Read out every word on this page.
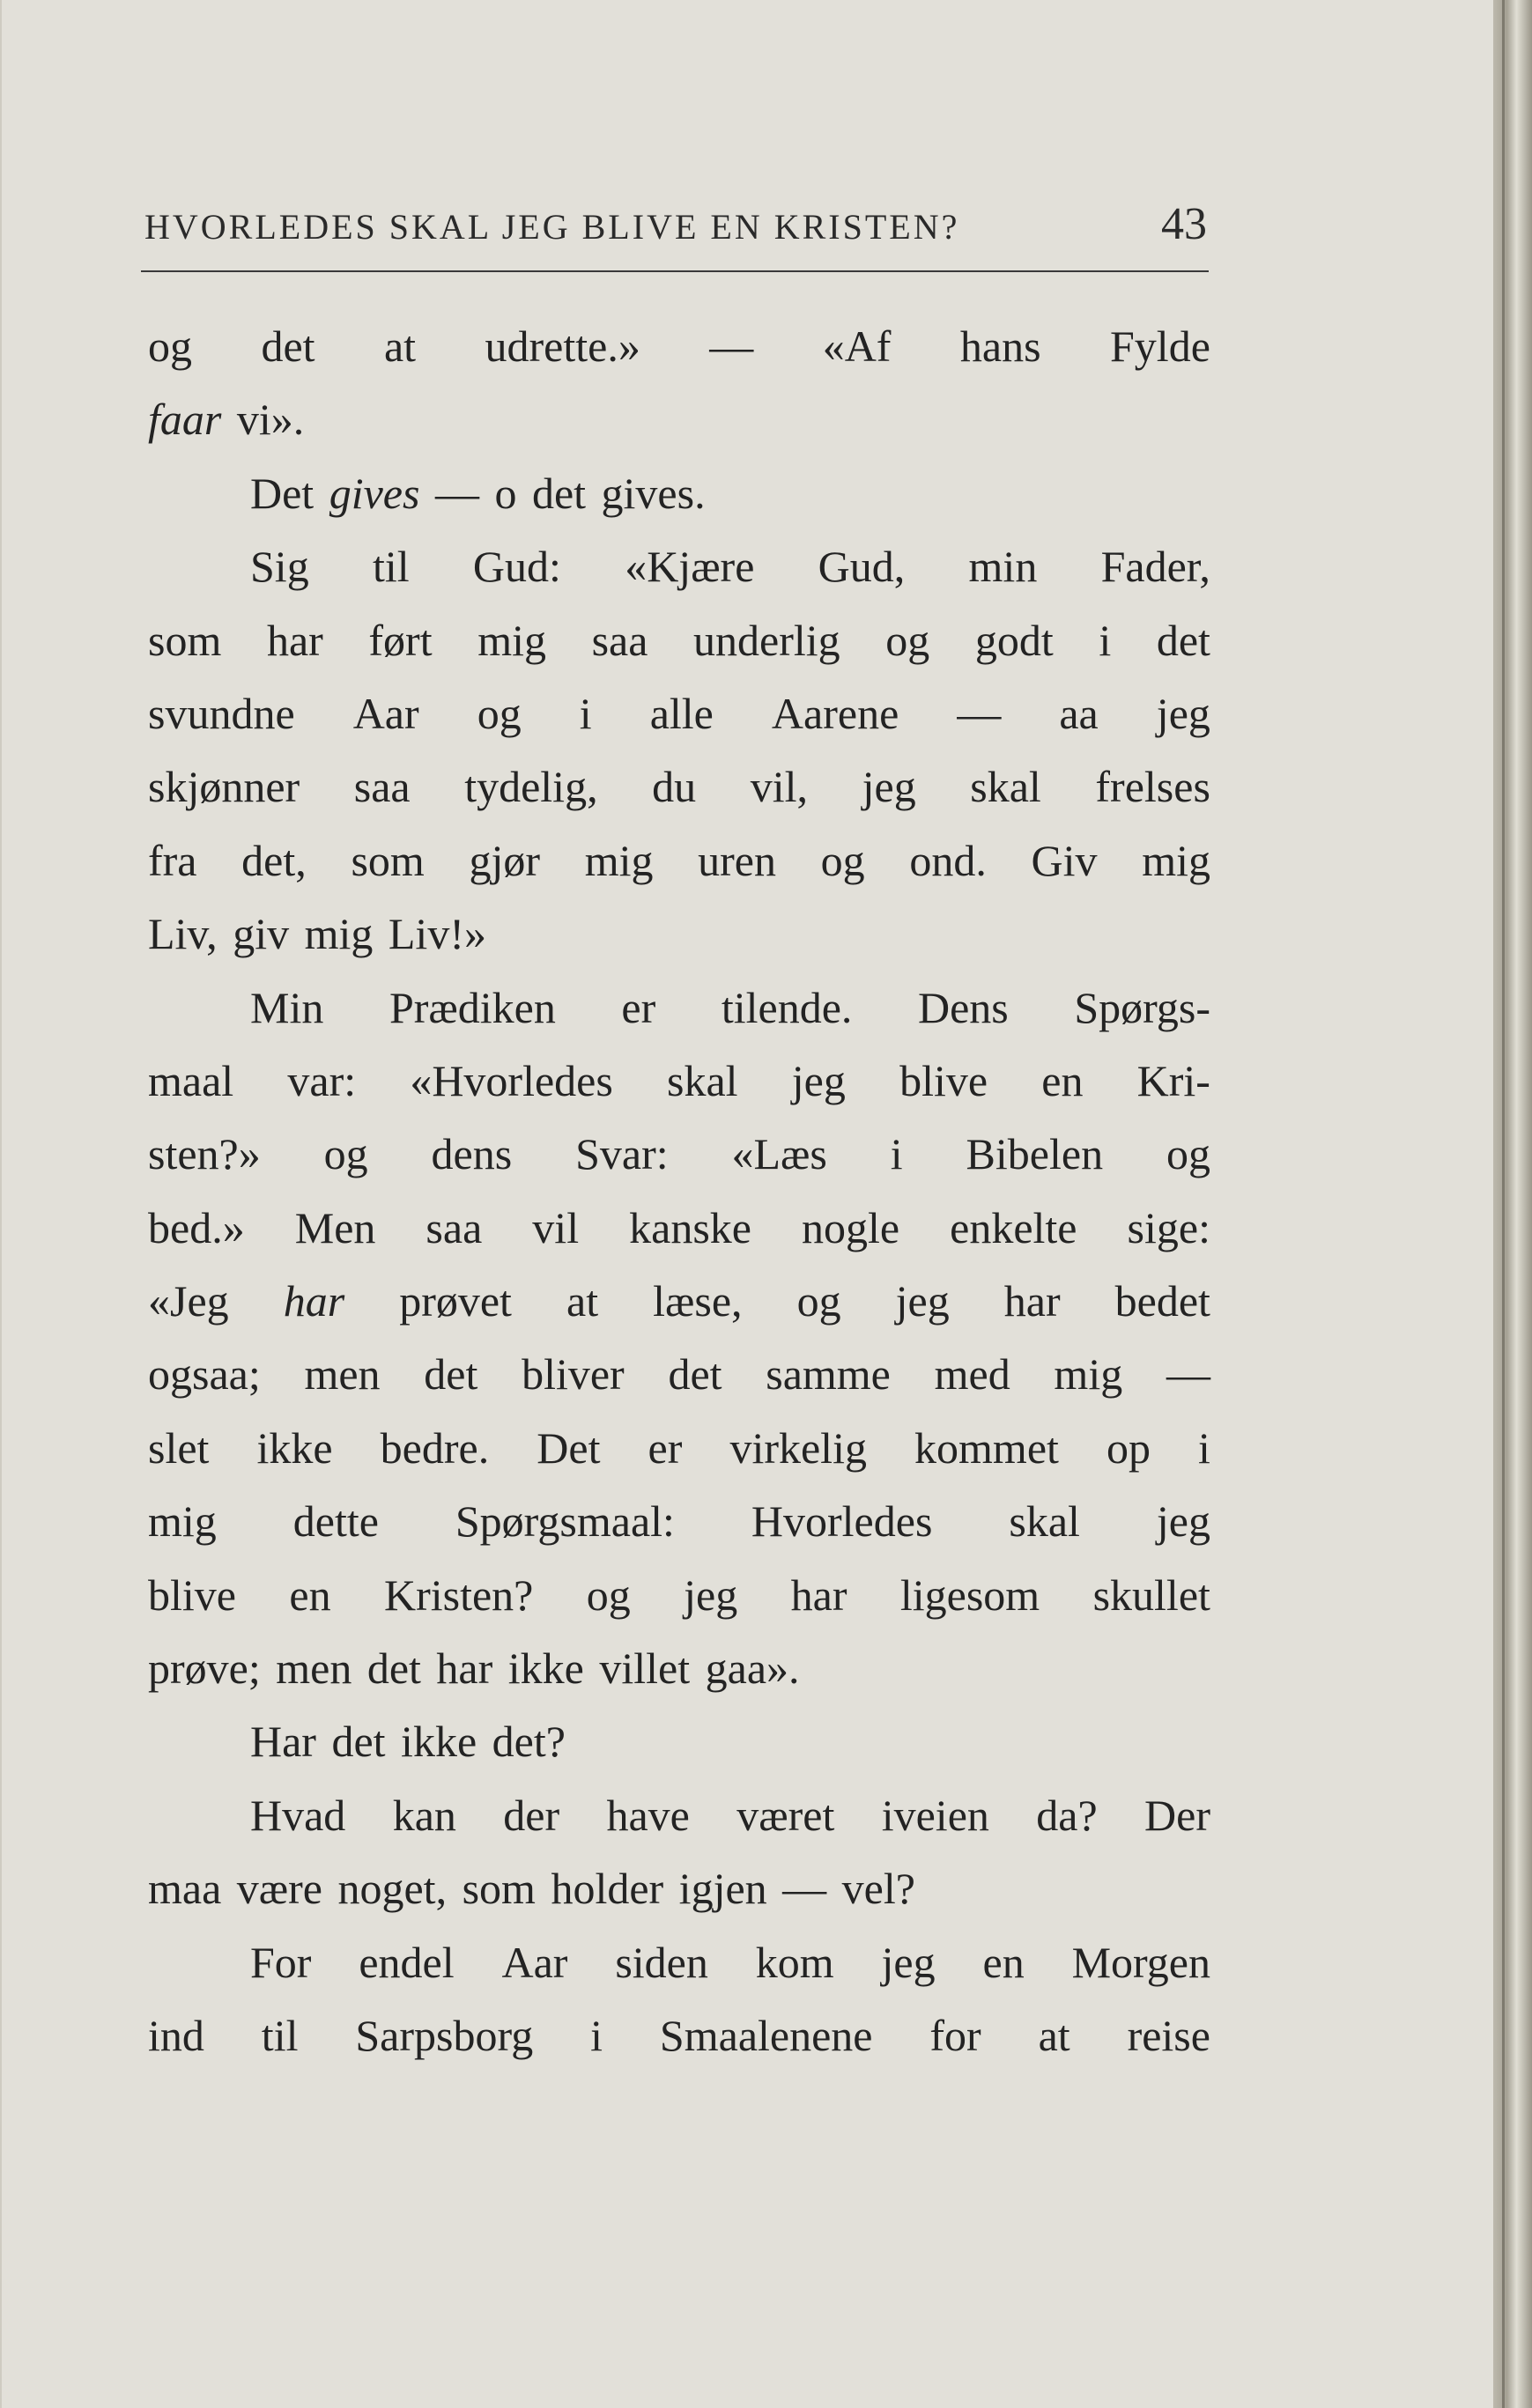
HVORLEDES SKAL JEG BLIVE EN KRISTEN?	43
og det at udrette.» — «Af hans Fylde
faar vi».
Det gives — o det gives.
Sig til Gud: «Kjære Gud, min Fader,
som har ført mig saa underlig og godt i det
svundne Aar og i alle Aarene — aa jeg
skjønner saa tydelig, du vil, jeg skal frelses
fra det, som gjør mig uren og ond. Giv mig
Liv, giv mig Liv!»
Min Prædiken er tilende. Dens Spørgs-
maal var: «Hvorledes skal jeg blive en Kri-
sten?» og dens Svar: «Læs i Bibelen og
bed.» Men saa vil kanske nogle enkelte sige:
«Jeg har prøvet at læse, og jeg har bedet
ogsaa; men det bliver det samme med mig —
slet ikke bedre. Det er virkelig kommet op i
mig dette Spørgsmaal: Hvorledes skal jeg
blive en Kristen? og jeg har ligesom skullet
prøve; men det har ikke villet gaa».
Har det ikke det?
Hvad kan der have været iveien da? Der
maa være noget, som holder igjen — vel?
For endel Aar siden kom jeg en Morgen
ind til Sarpsborg i Smaalenene for at reise
